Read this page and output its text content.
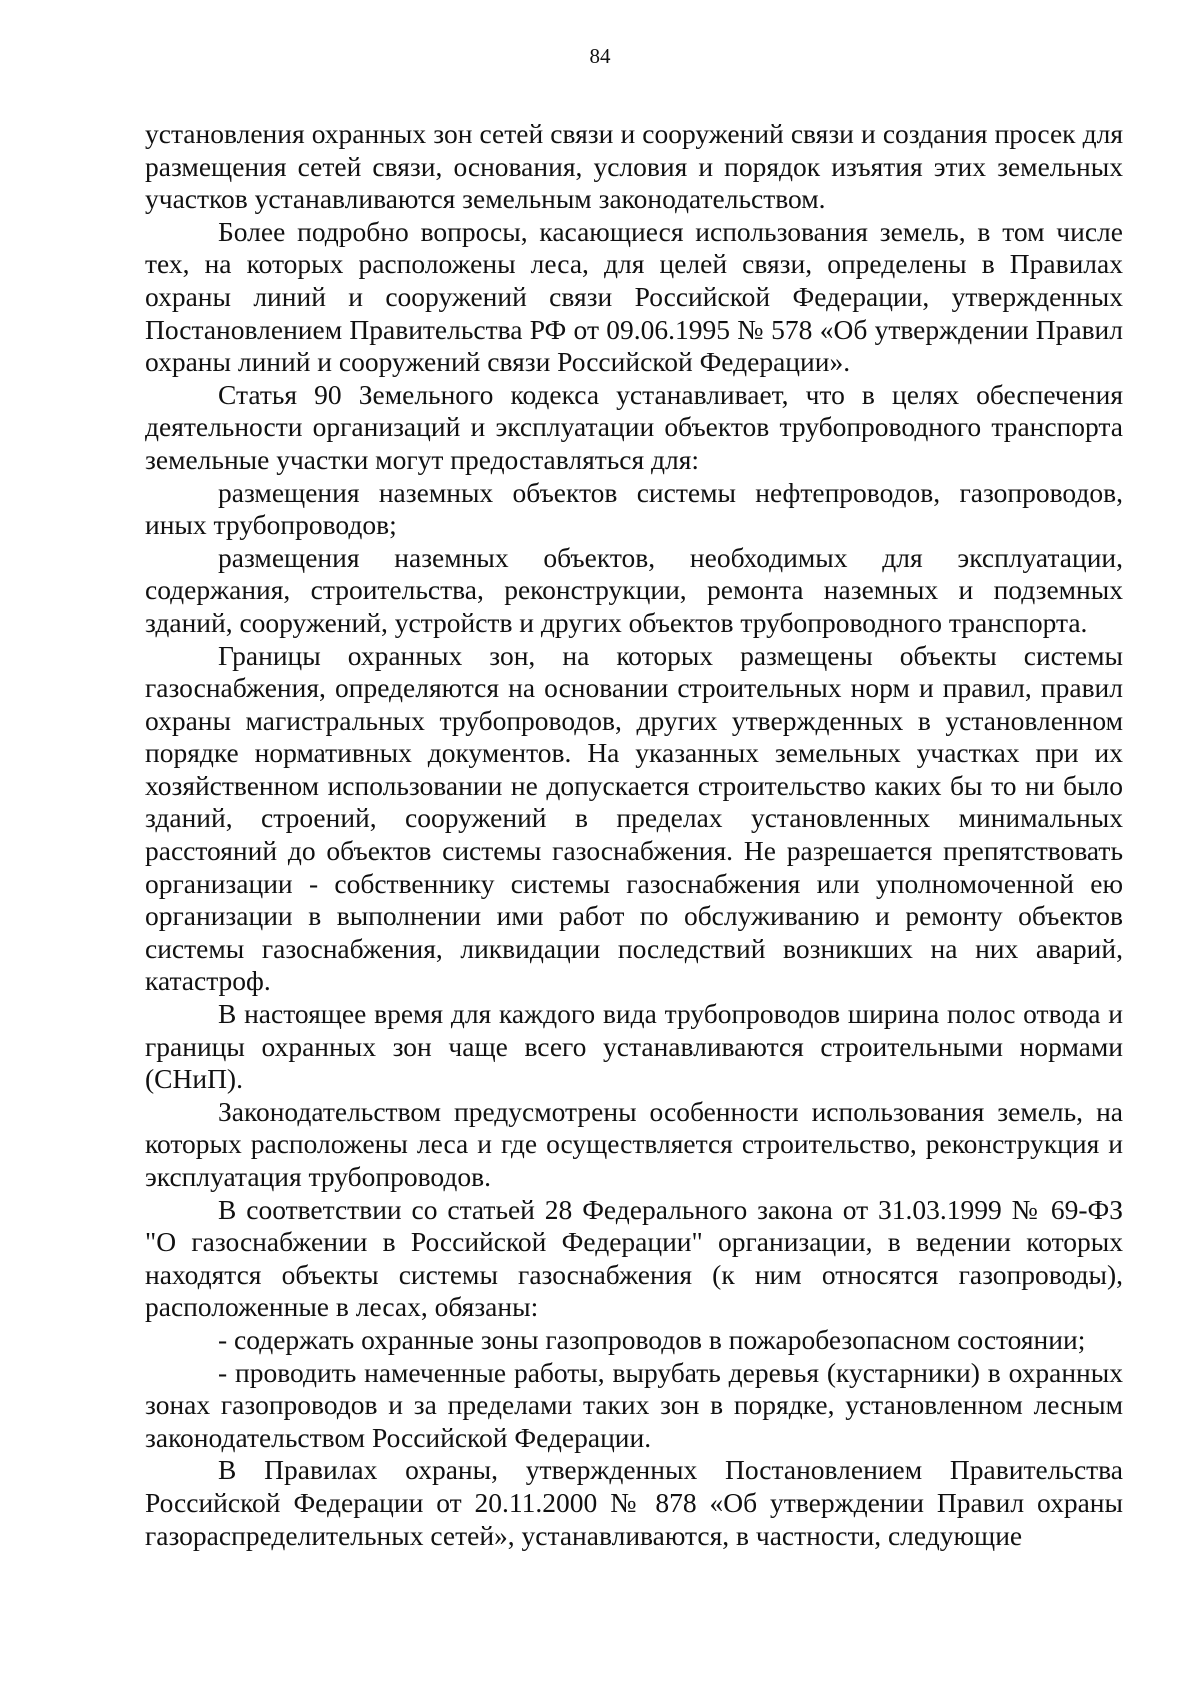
84

установления охранных зон сетей связи и сооружений связи и создания просек для размещения сетей связи, основания, условия и порядок изъятия этих земельных участков устанавливаются земельным законодательством.

Более подробно вопросы, касающиеся использования земель, в том числе тех, на которых расположены леса, для целей связи, определены в Правилах охраны линий и сооружений связи Российской Федерации, утвержденных Постановлением Правительства РФ от 09.06.1995 № 578 «Об утверждении Правил охраны линий и сооружений связи Российской Федерации».

Статья 90 Земельного кодекса устанавливает, что в целях обеспечения деятельности организаций и эксплуатации объектов трубопроводного транспорта земельные участки могут предоставляться для:

размещения наземных объектов системы нефтепроводов, газопроводов, иных трубопроводов;

размещения наземных объектов, необходимых для эксплуатации, содержания, строительства, реконструкции, ремонта наземных и подземных зданий, сооружений, устройств и других объектов трубопроводного транспорта.

Границы охранных зон, на которых размещены объекты системы газоснабжения, определяются на основании строительных норм и правил, правил охраны магистральных трубопроводов, других утвержденных в установленном порядке нормативных документов. На указанных земельных участках при их хозяйственном использовании не допускается строительство каких бы то ни было зданий, строений, сооружений в пределах установленных минимальных расстояний до объектов системы газоснабжения. Не разрешается препятствовать организации - собственнику системы газоснабжения или уполномоченной ею организации в выполнении ими работ по обслуживанию и ремонту объектов системы газоснабжения, ликвидации последствий возникших на них аварий, катастроф.

В настоящее время для каждого вида трубопроводов ширина полос отвода и границы охранных зон чаще всего устанавливаются строительными нормами (СНиП).

Законодательством предусмотрены особенности использования земель, на которых расположены леса и где осуществляется строительство, реконструкция и эксплуатация трубопроводов.

В соответствии со статьей 28 Федерального закона от 31.03.1999 № 69-ФЗ "О газоснабжении в Российской Федерации" организации, в ведении которых находятся объекты системы газоснабжения (к ним относятся газопроводы), расположенные в лесах, обязаны:

- содержать охранные зоны газопроводов в пожаробезопасном состоянии;

- проводить намеченные работы, вырубать деревья (кустарники) в охранных зонах газопроводов и за пределами таких зон в порядке, установленном лесным законодательством Российской Федерации.

В Правилах охраны, утвержденных Постановлением Правительства Российской Федерации от 20.11.2000 № 878 «Об утверждении Правил охраны газораспределительных сетей», устанавливаются, в частности, следующие
